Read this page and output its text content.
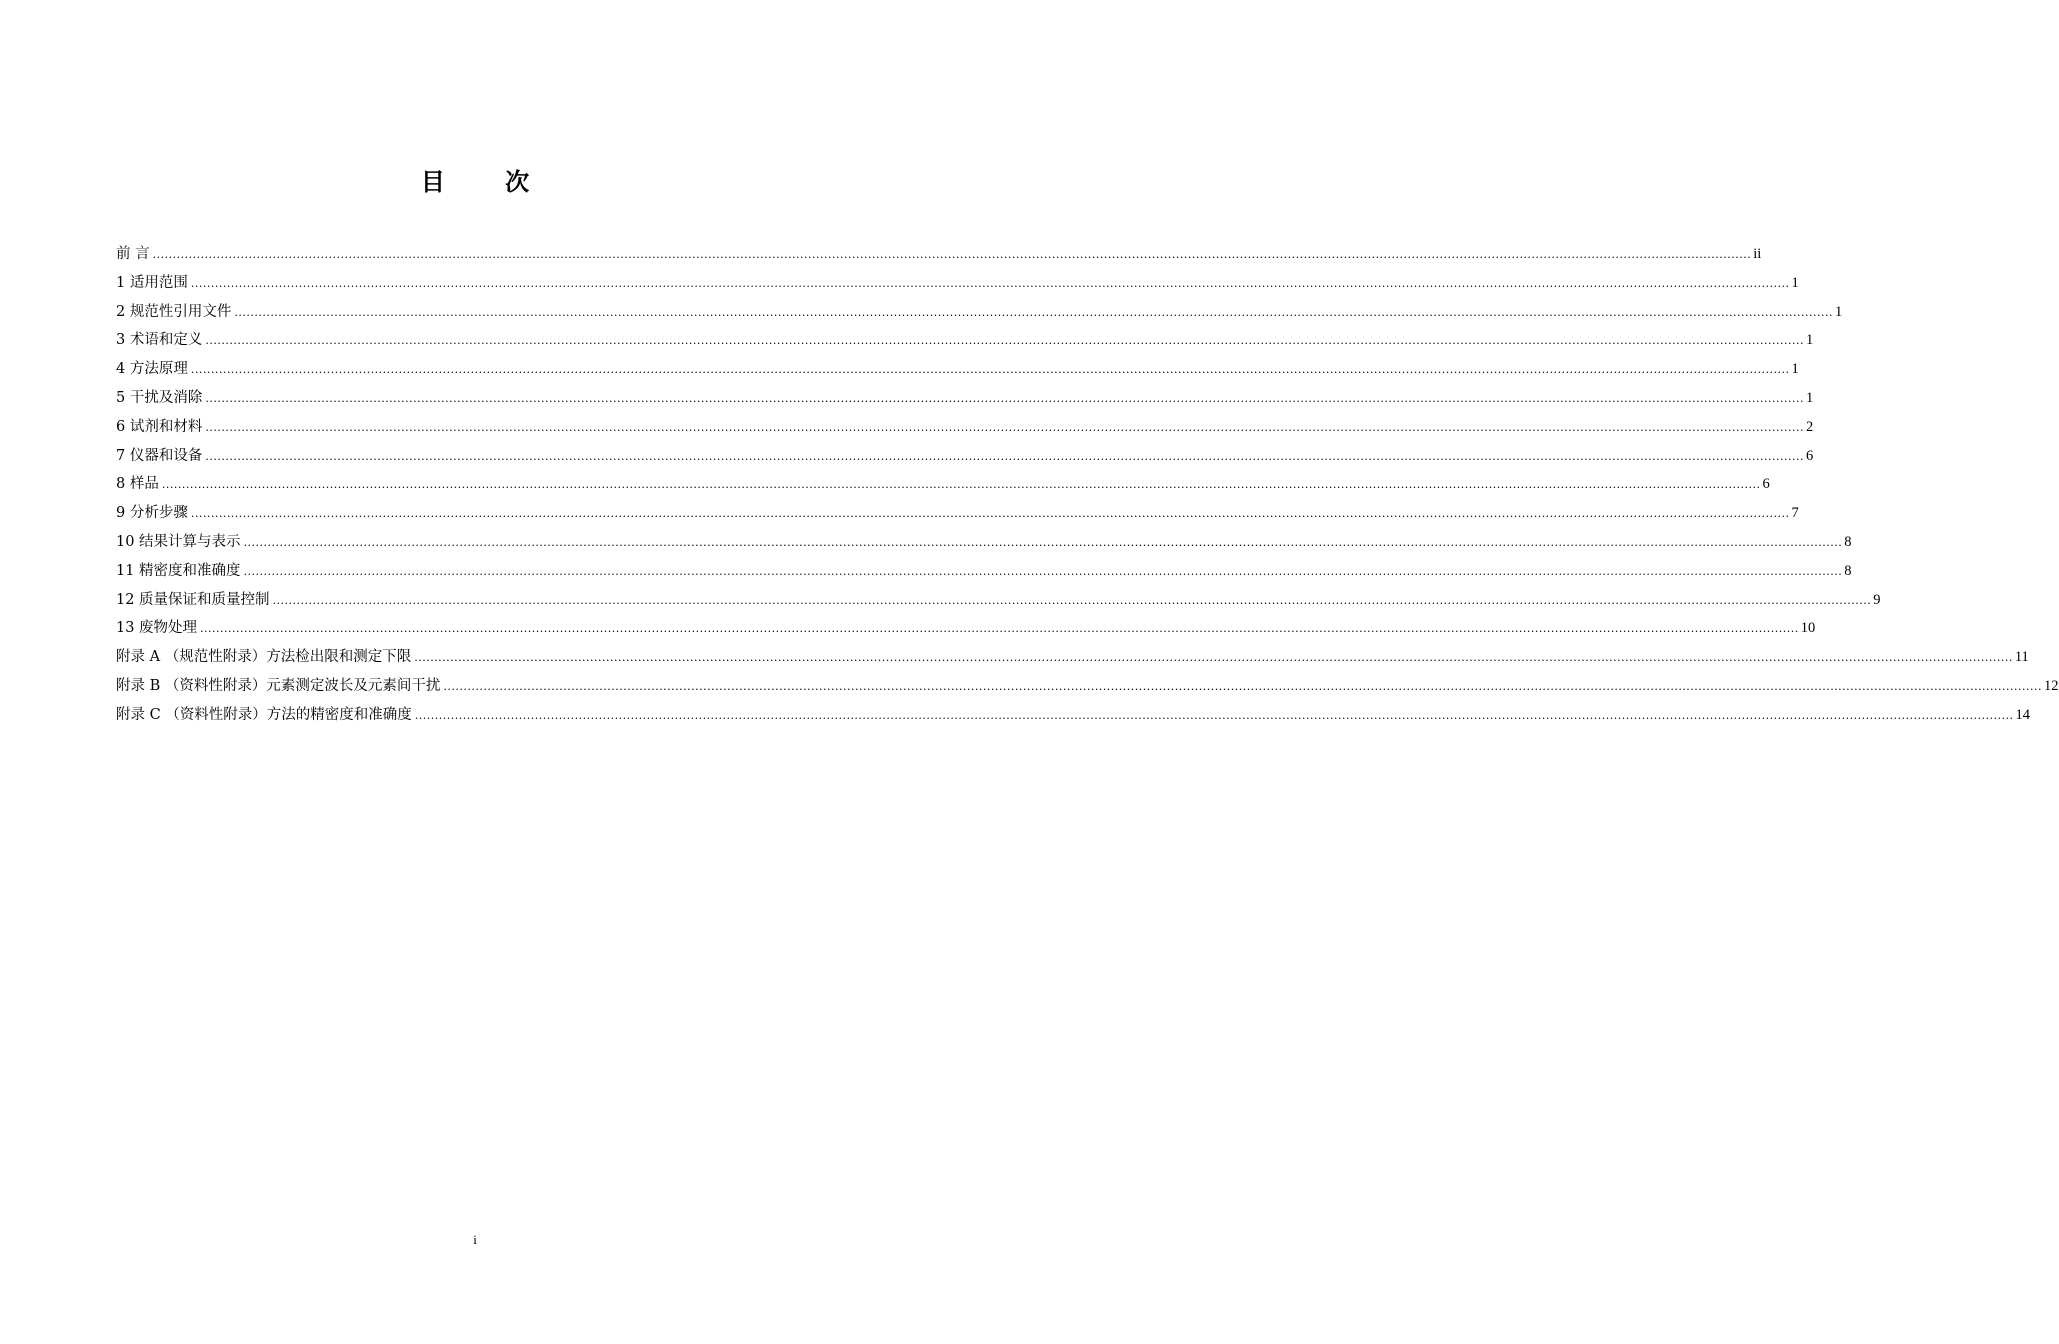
目 次
前 言 ................................................................................................................................................................................................................................................................................................................................................................................................................ ii
1 适用范围 ................................................................................................................................................................................................................................................................................................................................................................................................................ 1
2 规范性引用文件 ................................................................................................................................................................................................................................................................................................................................................................................................................ 1
3 术语和定义 ................................................................................................................................................................................................................................................................................................................................................................................................................ 1
4 方法原理 ................................................................................................................................................................................................................................................................................................................................................................................................................ 1
5 干扰及消除 ................................................................................................................................................................................................................................................................................................................................................................................................................ 1
6 试剂和材料 ................................................................................................................................................................................................................................................................................................................................................................................................................ 2
7 仪器和设备 ................................................................................................................................................................................................................................................................................................................................................................................................................ 6
8 样品 ................................................................................................................................................................................................................................................................................................................................................................................................................ 6
9 分析步骤 ................................................................................................................................................................................................................................................................................................................................................................................................................ 7
10 结果计算与表示 ................................................................................................................................................................................................................................................................................................................................................................................................................ 8
11 精密度和准确度 ................................................................................................................................................................................................................................................................................................................................................................................................................ 8
12 质量保证和质量控制 ................................................................................................................................................................................................................................................................................................................................................................................................................ 9
13 废物处理 ................................................................................................................................................................................................................................................................................................................................................................................................................ 10
附录 A （规范性附录）方法检出限和测定下限 ................................................................................................................................................................................................................................................................................................................................................................................................................ 11
附录 B （资料性附录）元素测定波长及元素间干扰 ................................................................................................................................................................................................................................................................................................................................................................................................................ 12
附录 C （资料性附录）方法的精密度和准确度 ................................................................................................................................................................................................................................................................................................................................................................................................................ 14
i
